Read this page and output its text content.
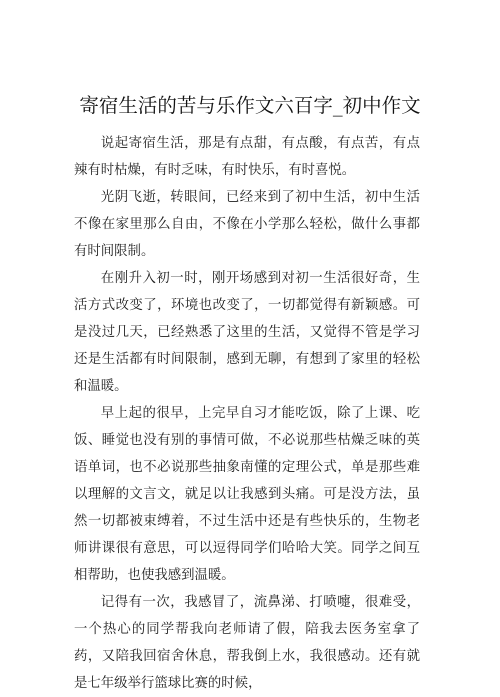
寄宿生活的苦与乐作文六百字_初中作文

说起寄宿生活，那是有点甜，有点酸，有点苦，有点辣有时枯燥，有时乏味，有时快乐，有时喜悦。

光阴飞逝，转眼间，已经来到了初中生活，初中生活不像在家里那么自由，不像在小学那么轻松，做什么事都有时间限制。

在刚升入初一时，刚开场感到对初一生活很好奇，生活方式改变了，环境也改变了，一切都觉得有新颖感。可是没过几天，已经熟悉了这里的生活，又觉得不管是学习还是生活都有时间限制，感到无聊，有想到了家里的轻松和温暖。

早上起的很早，上完早自习才能吃饭，除了上课、吃饭、睡觉也没有别的事情可做，不必说那些枯燥乏味的英语单词，也不必说那些抽象南懂的定理公式，单是那些难以理解的文言文，就足以让我感到头痛。可是没方法，虽然一切都被束缚着，不过生活中还是有些快乐的，生物老师讲课很有意思，可以逗得同学们哈哈大笑。同学之间互相帮助，也使我感到温暖。

记得有一次，我感冒了，流鼻涕、打喷嚏，很难受，一个热心的同学帮我向老师请了假，陪我去医务室拿了药，又陪我回宿舍休息，帮我倒上水，我很感动。还有就是七年级举行篮球比赛的时候，
